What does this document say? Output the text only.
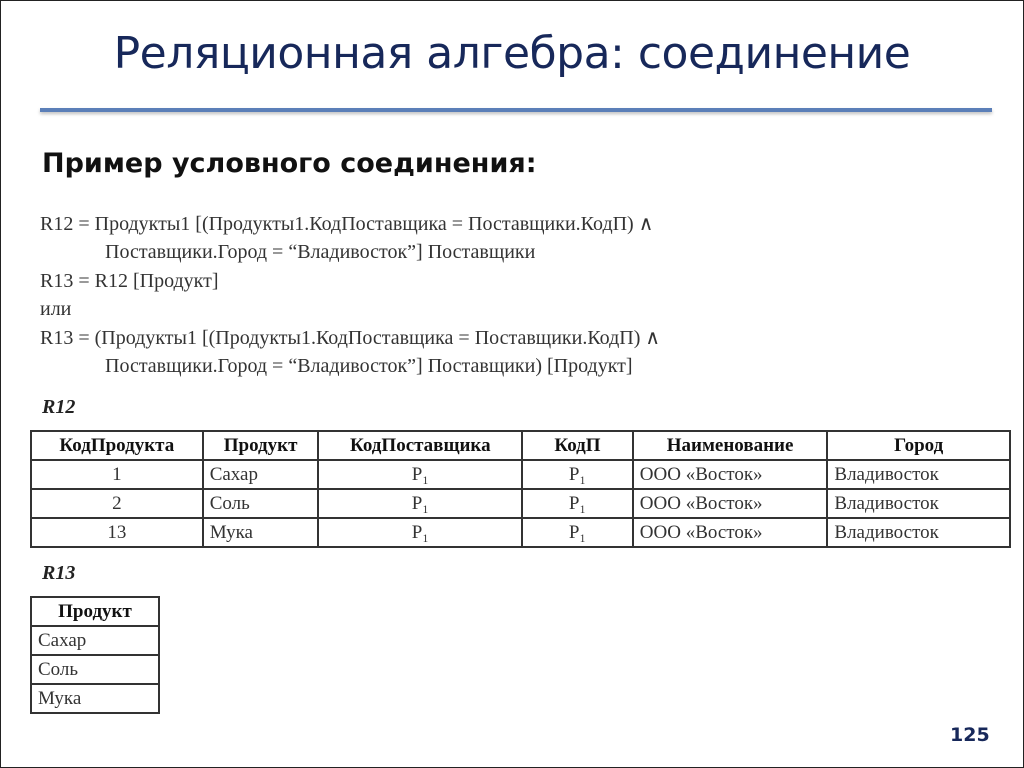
Реляционная алгебра: соединение
Пример условного соединения:
R12 = Продукты1 [(Продукты1.КодПоставщика = Поставщики.КодП) ∧
Поставщики.Город = “Владивосток”] Поставщики
R13 = R12 [Продукт]
или
R13 = (Продукты1 [(Продукты1.КодПоставщика = Поставщики.КодП) ∧
Поставщики.Город = “Владивосток”] Поставщики) [Продукт]
R12
КодПродукта	Продукт	КодПоставщика	КодП	Наименование	Город
1	Сахар	P₁	P₁	ООО «Восток»	Владивосток
2	Соль	P₁	P₁	ООО «Восток»	Владивосток
13	Мука	P₁	P₁	ООО «Восток»	Владивосток
R13
Продукт
Сахар
Соль
Мука
125
